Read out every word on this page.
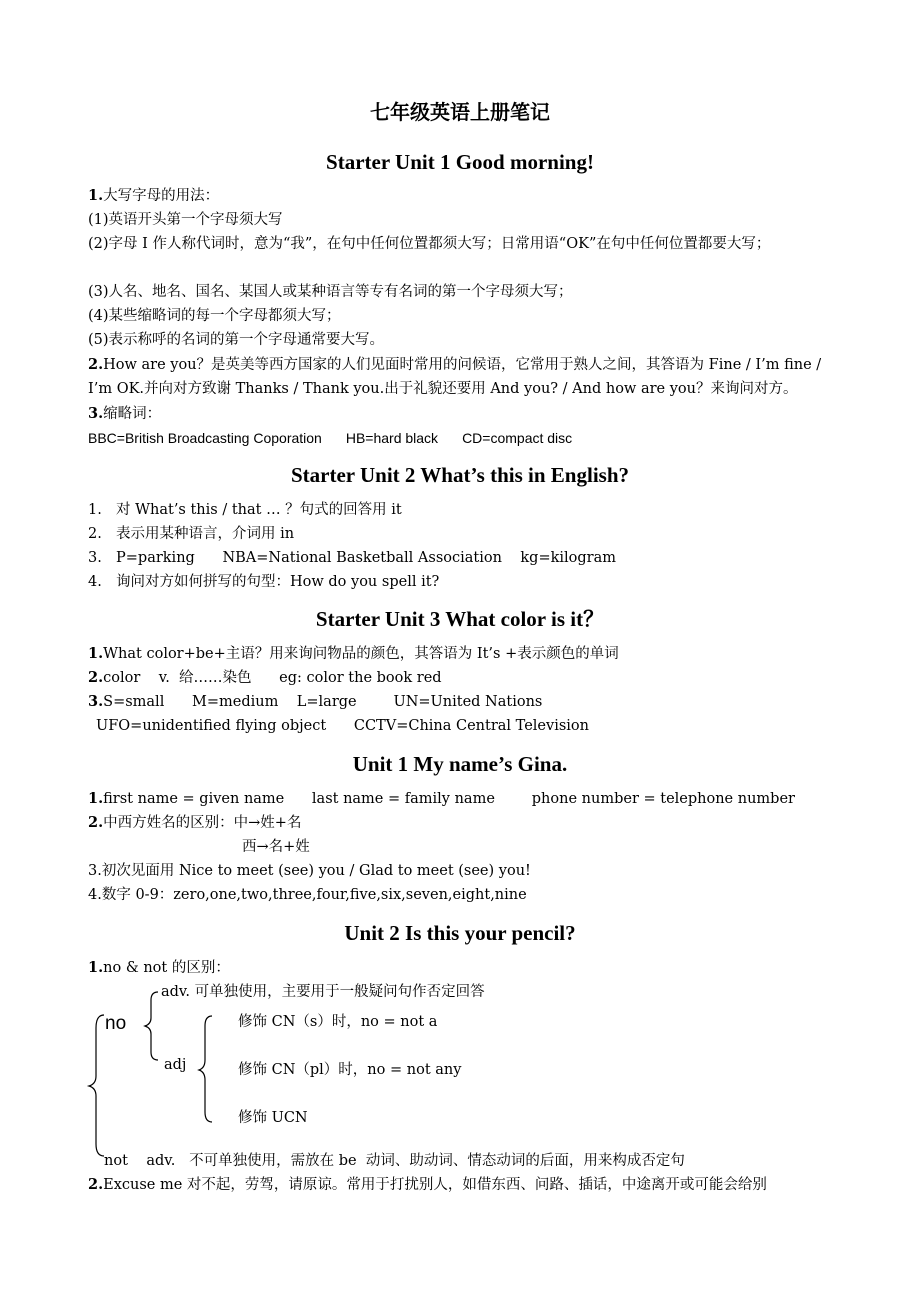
七年级英语上册笔记
Starter Unit 1 Good morning!
1.大写字母的用法：
(1)英语开头第一个字母须大写
(2)字母 I 作人称代词时，意为“我”，在句中任何位置都须大写；日常用语“OK”在句中任何位置都要大写；
(3)人名、地名、国名、某国人或某种语言等专有名词的第一个字母须大写；
(4)某些缩略词的每一个字母都须大写；
(5)表示称呼的名词的第一个字母通常要大写。
2.How are you？是英美等西方国家的人们见面时常用的问候语，它常用于熟人之间，其答语为 Fine / I’m fine / I’m OK.并向对方致谢 Thanks / Thank you.出于礼貌还要用 And you? / And how are you？来询问对方。
3.缩略词：
BBC=British Broadcasting Coporation HB=hard black CD=compact disc
Starter Unit 2 What’s this in English?
1. 对 What’s this / that … ？句式的回答用 it
2. 表示用某种语言，介词用 in
3. P=parking      NBA=National Basketball Association    kg=kilogram
4. 询问对方如何拼写的句型：How do you spell it?
Starter Unit 3 What color is it？
1.What color+be+主语？用来询问物品的颜色，其答语为 It’s +表示颜色的单词
2.color    v.  给……染色      eg: color the book red
3.S=small      M=medium    L=large        UN=United Nations
UFO=unidentified flying object      CCTV=China Central Television
Unit 1 My name’s Gina.
1.first name = given name      last name = family name        phone number = telephone number
2.中西方姓名的区别：中→姓+名
西→名+姓
3.初次见面用 Nice to meet (see) you / Glad to meet (see) you!
4.数字 0-9：zero,one,two,three,four,five,six,seven,eight,nine
Unit 2 Is this your pencil?
1.no & not 的区别：
no
adv. 可单独使用，主要用于一般疑问句作否定回答
adj
修饰 CN（s）时，no = not a
修饰 CN（pl）时，no = not any
修饰 UCN
not    adv.   不可单独使用，需放在 be  动词、助动词、情态动词的后面，用来构成否定句
2.Excuse me 对不起，劳驾，请原谅。常用于打扰别人，如借东西、问路、插话，中途离开或可能会给别
